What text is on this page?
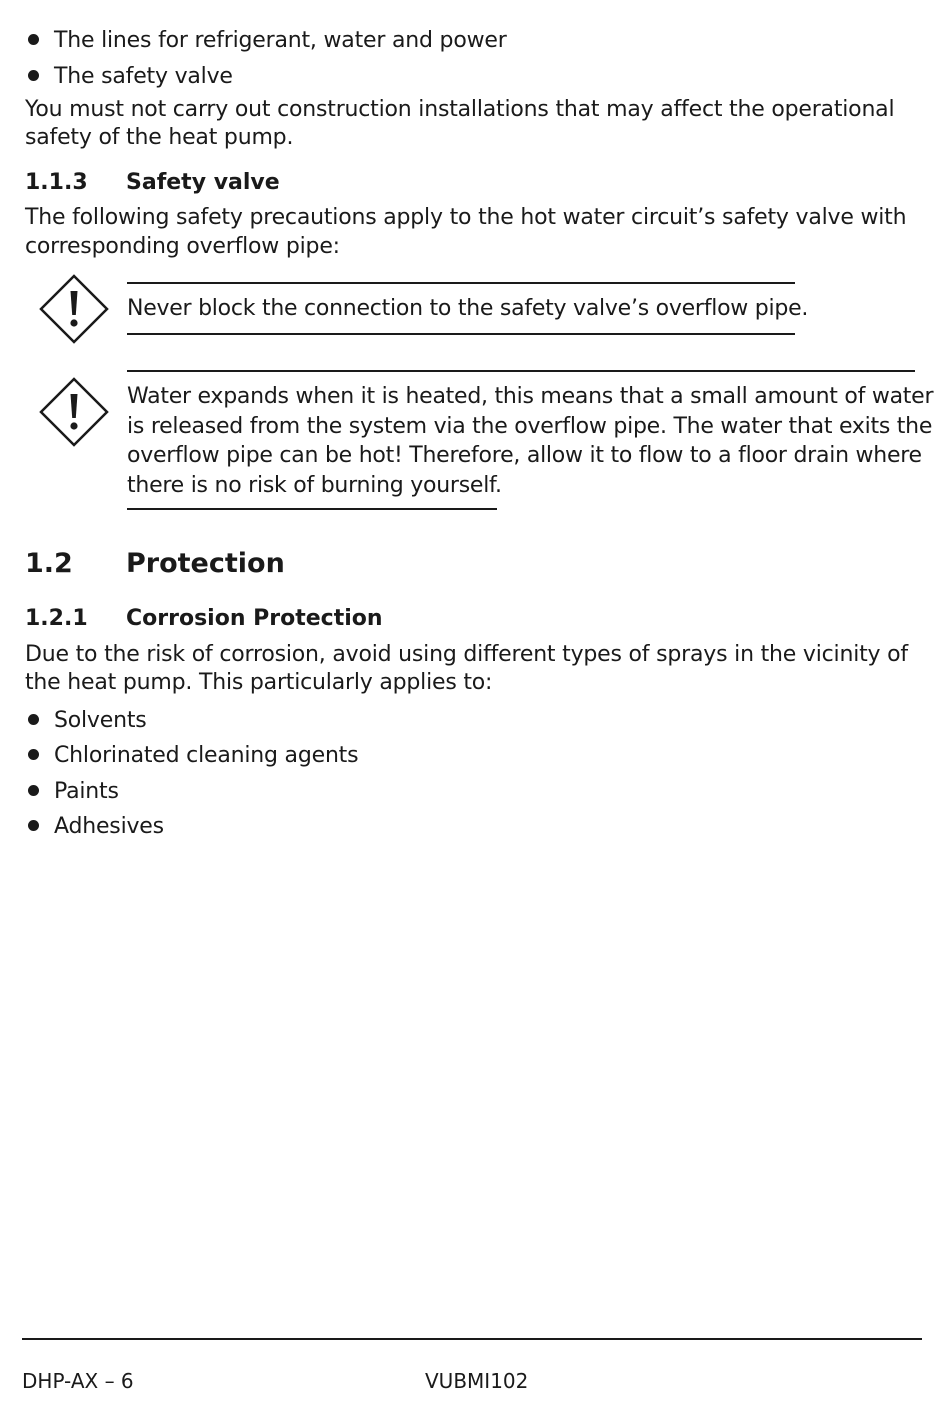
The lines for refrigerant, water and power
The safety valve
You must not carry out construction installations that may affect the operational
safety of the heat pump.
1.1.3 Safety valve
The following safety precautions apply to the hot water circuit’s safety valve with
corresponding overflow pipe:
Never block the connection to the safety valve’s overflow pipe.
Water expands when it is heated, this means that a small amount of water
is released from the system via the overflow pipe. The water that exits the
overflow pipe can be hot! Therefore, allow it to flow to a floor drain where
there is no risk of burning yourself.
1.2 Protection
1.2.1 Corrosion Protection
Due to the risk of corrosion, avoid using different types of sprays in the vicinity of
the heat pump. This particularly applies to:
Solvents
Chlorinated cleaning agents
Paints
Adhesives
DHP-AX – 6	VUBMI102
